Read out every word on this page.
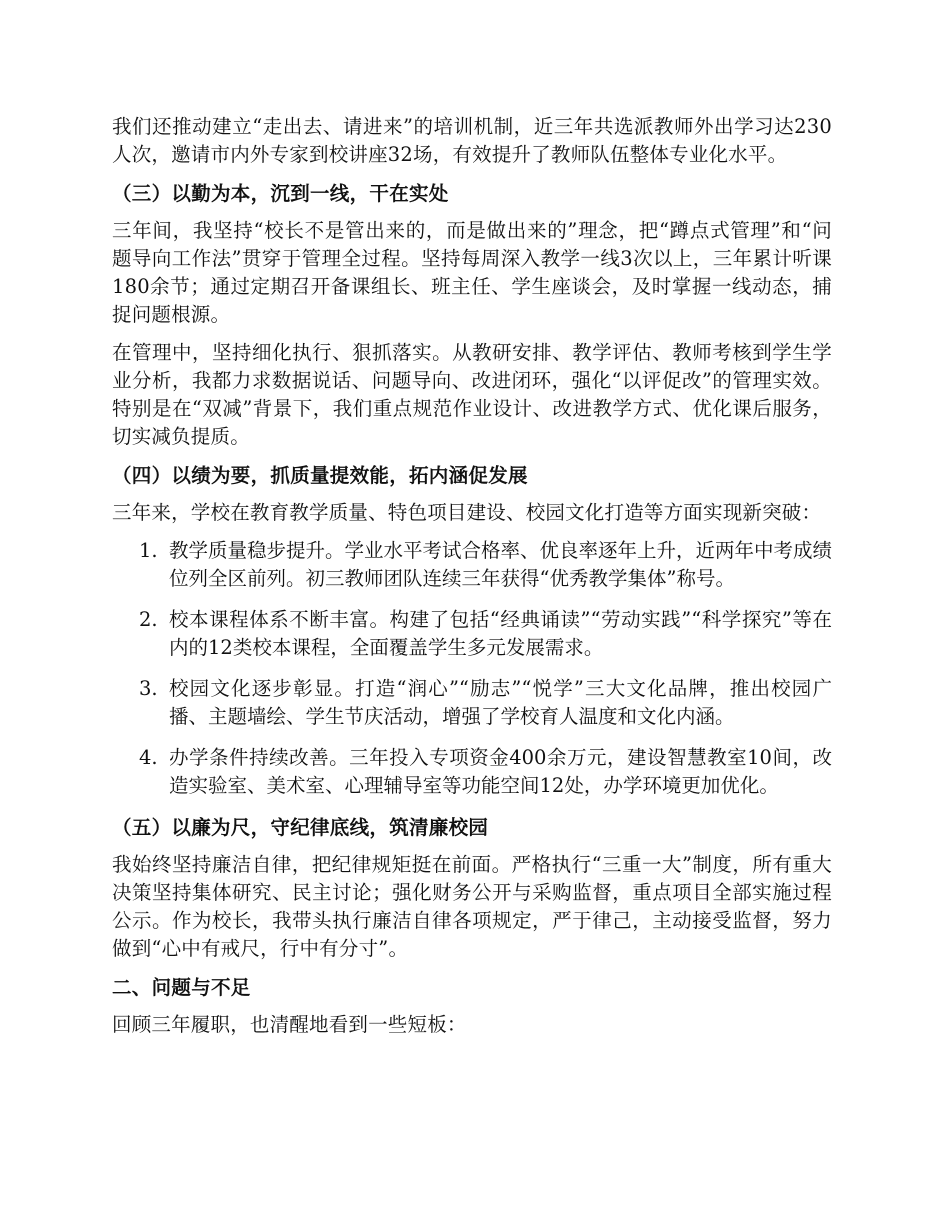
我们还推动建立“走出去、请进来”的培训机制，近三年共选派教师外出学习达230人次，邀请市内外专家到校讲座32场，有效提升了教师队伍整体专业化水平。

（三）以勤为本，沉到一线，干在实处

三年间，我坚持“校长不是管出来的，而是做出来的”理念，把“蹲点式管理”和“问题导向工作法”贯穿于管理全过程。坚持每周深入教学一线3次以上，三年累计听课180余节；通过定期召开备课组长、班主任、学生座谈会，及时掌握一线动态，捕捉问题根源。

在管理中，坚持细化执行、狠抓落实。从教研安排、教学评估、教师考核到学生学业分析，我都力求数据说话、问题导向、改进闭环，强化“以评促改”的管理实效。特别是在“双减”背景下，我们重点规范作业设计、改进教学方式、优化课后服务，切实减负提质。

（四）以绩为要，抓质量提效能，拓内涵促发展

三年来，学校在教育教学质量、特色项目建设、校园文化打造等方面实现新突破：

1. 教学质量稳步提升。学业水平考试合格率、优良率逐年上升，近两年中考成绩位列全区前列。初三教师团队连续三年获得“优秀教学集体”称号。
2. 校本课程体系不断丰富。构建了包括“经典诵读”“劳动实践”“科学探究”等在内的12类校本课程，全面覆盖学生多元发展需求。
3. 校园文化逐步彰显。打造“润心”“励志”“悦学”三大文化品牌，推出校园广播、主题墙绘、学生节庆活动，增强了学校育人温度和文化内涵。
4. 办学条件持续改善。三年投入专项资金400余万元，建设智慧教室10间，改造实验室、美术室、心理辅导室等功能空间12处，办学环境更加优化。
（五）以廉为尺，守纪律底线，筑清廉校园

我始终坚持廉洁自律，把纪律规矩挺在前面。严格执行“三重一大”制度，所有重大决策坚持集体研究、民主讨论；强化财务公开与采购监督，重点项目全部实施过程公示。作为校长，我带头执行廉洁自律各项规定，严于律己，主动接受监督，努力做到“心中有戒尺，行中有分寸”。

二、问题与不足

回顾三年履职，也清醒地看到一些短板：
